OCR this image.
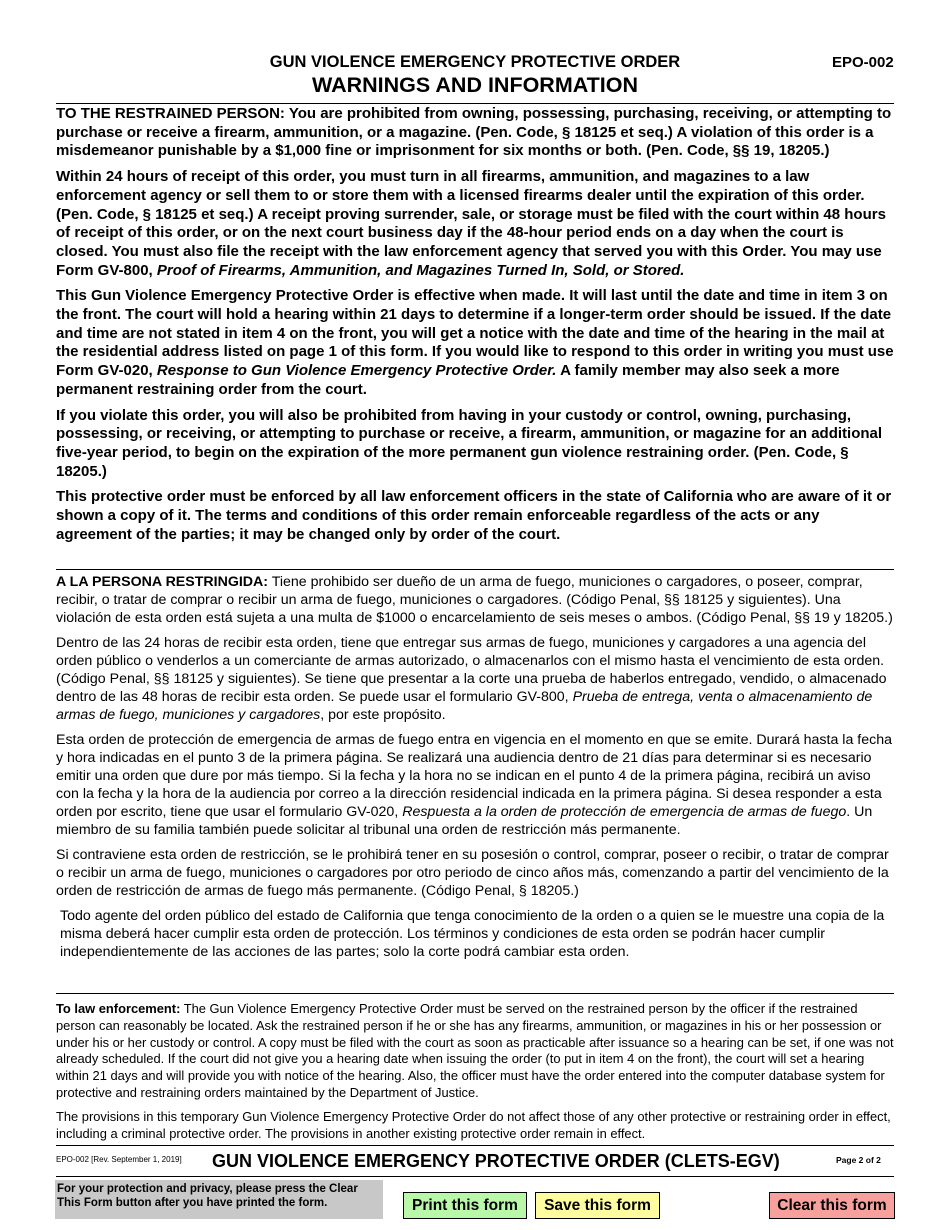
GUN VIOLENCE EMERGENCY PROTECTIVE ORDER
WARNINGS AND INFORMATION
EPO-002

TO THE RESTRAINED PERSON: You are prohibited from owning, possessing, purchasing, receiving, or attempting to purchase or receive a firearm, ammunition, or a magazine. (Pen. Code, § 18125 et seq.) A violation of this order is a misdemeanor punishable by a $1,000 fine or imprisonment for six months or both. (Pen. Code, §§ 19, 18205.)

Within 24 hours of receipt of this order, you must turn in all firearms, ammunition, and magazines to a law enforcement agency or sell them to or store them with a licensed firearms dealer until the expiration of this order. (Pen. Code, § 18125 et seq.) A receipt proving surrender, sale, or storage must be filed with the court within 48 hours of receipt of this order, or on the next court business day if the 48-hour period ends on a day when the court is closed. You must also file the receipt with the law enforcement agency that served you with this Order. You may use Form GV-800, Proof of Firearms, Ammunition, and Magazines Turned In, Sold, or Stored.

This Gun Violence Emergency Protective Order is effective when made. It will last until the date and time in item 3 on the front. The court will hold a hearing within 21 days to determine if a longer-term order should be issued. If the date and time are not stated in item 4 on the front, you will get a notice with the date and time of the hearing in the mail at the residential address listed on page 1 of this form. If you would like to respond to this order in writing you must use Form GV-020, Response to Gun Violence Emergency Protective Order. A family member may also seek a more permanent restraining order from the court.

If you violate this order, you will also be prohibited from having in your custody or control, owning, purchasing, possessing, or receiving, or attempting to purchase or receive, a firearm, ammunition, or magazine for an additional five-year period, to begin on the expiration of the more permanent gun violence restraining order. (Pen. Code, § 18205.)

This protective order must be enforced by all law enforcement officers in the state of California who are aware of it or shown a copy of it. The terms and conditions of this order remain enforceable regardless of the acts or any agreement of the parties; it may be changed only by order of the court.

A LA PERSONA RESTRINGIDA: Tiene prohibido ser dueño de un arma de fuego, municiones o cargadores, o poseer, comprar, recibir, o tratar de comprar o recibir un arma de fuego, municiones o cargadores. (Código Penal, §§ 18125 y siguientes). Una violación de esta orden está sujeta a una multa de $1000 o encarcelamiento de seis meses o ambos. (Código Penal, §§ 19 y 18205.)

Dentro de las 24 horas de recibir esta orden, tiene que entregar sus armas de fuego, municiones y cargadores a una agencia del orden público o venderlos a un comerciante de armas autorizado, o almacenarlos con el mismo hasta el vencimiento de esta orden. (Código Penal, §§ 18125 y siguientes). Se tiene que presentar a la corte una prueba de haberlos entregado, vendido, o almacenado dentro de las 48 horas de recibir esta orden. Se puede usar el formulario GV-800, Prueba de entrega, venta o almacenamiento de armas de fuego, municiones y cargadores, por este propósito.

Esta orden de protección de emergencia de armas de fuego entra en vigencia en el momento en que se emite. Durará hasta la fecha y hora indicadas en el punto 3 de la primera página. Se realizará una audiencia dentro de 21 días para determinar si es necesario emitir una orden que dure por más tiempo. Si la fecha y la hora no se indican en el punto 4 de la primera página, recibirá un aviso con la fecha y la hora de la audiencia por correo a la dirección residencial indicada en la primera página. Si desea responder a esta orden por escrito, tiene que usar el formulario GV-020, Respuesta a la orden de protección de emergencia de armas de fuego. Un miembro de su familia también puede solicitar al tribunal una orden de restricción más permanente.

Si contraviene esta orden de restricción, se le prohibirá tener en su posesión o control, comprar, poseer o recibir, o tratar de comprar o recibir un arma de fuego, municiones o cargadores por otro periodo de cinco años más, comenzando a partir del vencimiento de la orden de restricción de armas de fuego más permanente. (Código Penal, § 18205.)

Todo agente del orden público del estado de California que tenga conocimiento de la orden o a quien se le muestre una copia de la misma deberá hacer cumplir esta orden de protección. Los términos y condiciones de esta orden se podrán hacer cumplir independientemente de las acciones de las partes; solo la corte podrá cambiar esta orden.

To law enforcement: The Gun Violence Emergency Protective Order must be served on the restrained person by the officer if the restrained person can reasonably be located. Ask the restrained person if he or she has any firearms, ammunition, or magazines in his or her possession or under his or her custody or control. A copy must be filed with the court as soon as practicable after issuance so a hearing can be set, if one was not already scheduled. If the court did not give you a hearing date when issuing the order (to put in item 4 on the front), the court will set a hearing within 21 days and will provide you with notice of the hearing. Also, the officer must have the order entered into the computer database system for protective and restraining orders maintained by the Department of Justice.

The provisions in this temporary Gun Violence Emergency Protective Order do not affect those of any other protective or restraining order in effect, including a criminal protective order. The provisions in another existing protective order remain in effect.

EPO-002 [Rev. September 1, 2019] GUN VIOLENCE EMERGENCY PROTECTIVE ORDER (CLETS-EGV)	Page 2 of 2
For your protection and privacy, please press the Clear This Form button after you have printed the form.	Print this form	Save this form	Clear this form
